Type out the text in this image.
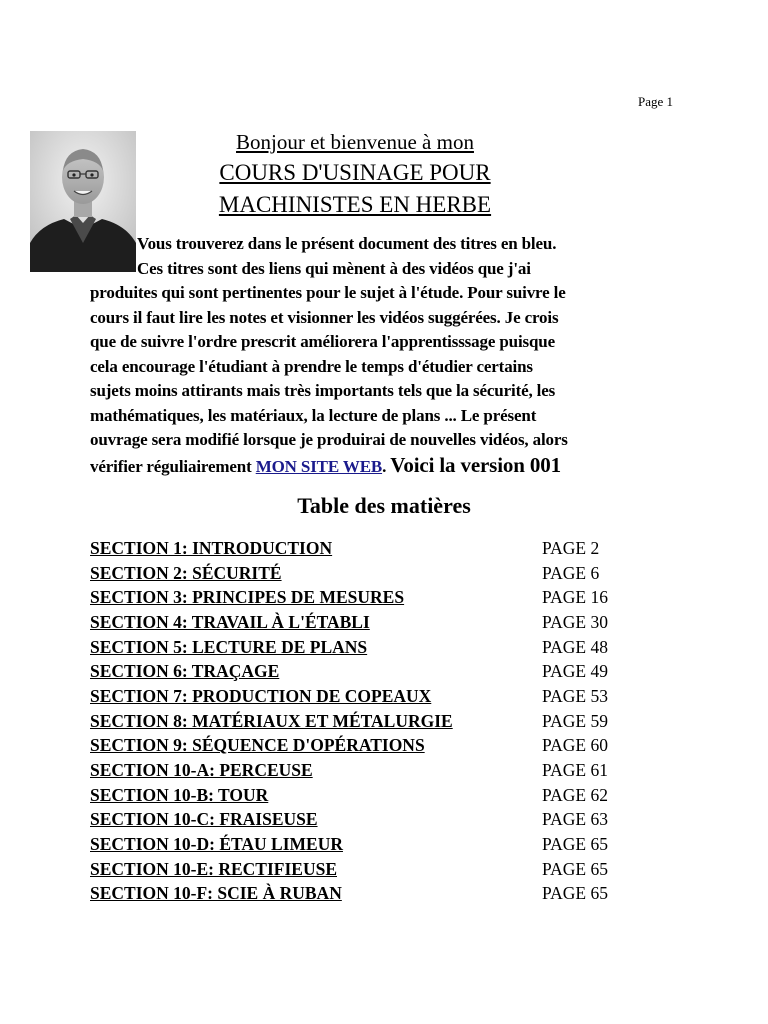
Page 1
Bonjour et bienvenue à mon
COURS D'USINAGE POUR
MACHINISTES EN HERBE
Vous trouverez dans le présent document des titres en bleu.
Ces titres sont des liens qui mènent à des vidéos que j'ai
produites qui sont pertinentes pour le sujet à l'étude. Pour suivre le
cours il faut lire les notes et visionner les vidéos suggérées. Je crois
que de suivre l'ordre prescrit améliorera l'apprentisssage puisque
cela encourage l'étudiant à prendre le temps d'étudier certains
sujets moins attirants mais très importants tels que la sécurité, les
mathématiques, les matériaux, la lecture de plans ... Le présent
ouvrage sera modifié lorsque je produirai de nouvelles vidéos, alors
vérifier réguliairement MON SITE WEB. Voici la version 001
Table des matières
SECTION 1: INTRODUCTION	PAGE 2
SECTION 2: SÉCURITÉ	PAGE 6
SECTION 3: PRINCIPES DE MESURES	PAGE 16
SECTION 4: TRAVAIL À L'ÉTABLI	PAGE 30
SECTION 5: LECTURE DE PLANS	PAGE 48
SECTION 6: TRAÇAGE	PAGE 49
SECTION 7: PRODUCTION DE COPEAUX	PAGE 53
SECTION 8: MATÉRIAUX ET MÉTALURGIE	PAGE 59
SECTION 9: SÉQUENCE D'OPÉRATIONS	PAGE 60
SECTION 10-A: PERCEUSE	PAGE 61
SECTION 10-B: TOUR	PAGE 62
SECTION 10-C: FRAISEUSE	PAGE 63
SECTION 10-D: ÉTAU LIMEUR	PAGE 65
SECTION 10-E: RECTIFIEUSE	PAGE 65
SECTION 10-F: SCIE À RUBAN	PAGE 65
